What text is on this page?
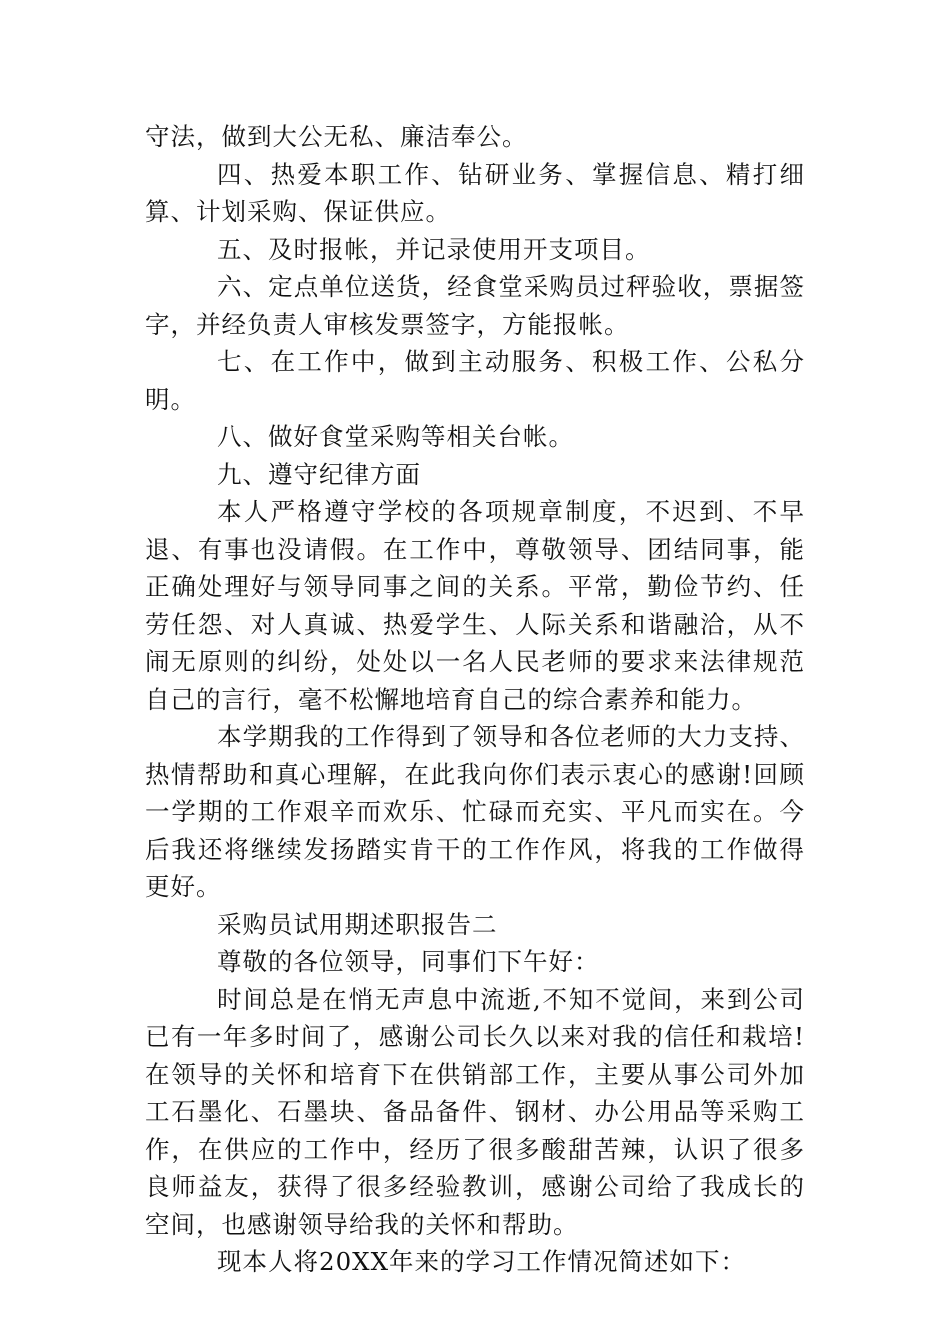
守法，做到大公无私、廉洁奉公。

四、热爱本职工作、钻研业务、掌握信息、精打细算、计划采购、保证供应。

五、及时报帐，并记录使用开支项目。

六、定点单位送货，经食堂采购员过秤验收，票据签字，并经负责人审核发票签字，方能报帐。

七、在工作中，做到主动服务、积极工作、公私分明。

八、做好食堂采购等相关台帐。

九、遵守纪律方面

本人严格遵守学校的各项规章制度，不迟到、不早退、有事也没请假。在工作中，尊敬领导、团结同事，能正确处理好与领导同事之间的关系。平常，勤俭节约、任劳任怨、对人真诚、热爱学生、人际关系和谐融洽，从不闹无原则的纠纷，处处以一名人民老师的要求来法律规范自己的言行，毫不松懈地培育自己的综合素养和能力。

本学期我的工作得到了领导和各位老师的大力支持、热情帮助和真心理解，在此我向你们表示衷心的感谢!回顾一学期的工作艰辛而欢乐、忙碌而充实、平凡而实在。今后我还将继续发扬踏实肯干的工作作风，将我的工作做得更好。

采购员试用期述职报告二

尊敬的各位领导，同事们下午好：

时间总是在悄无声息中流逝,不知不觉间，来到公司已有一年多时间了，感谢公司长久以来对我的信任和栽培!在领导的关怀和培育下在供销部工作，主要从事公司外加工石墨化、石墨块、备品备件、钢材、办公用品等采购工作，在供应的工作中，经历了很多酸甜苦辣，认识了很多良师益友，获得了很多经验教训，感谢公司给了我成长的空间，也感谢领导给我的关怀和帮助。

现本人将20XX年来的学习工作情况简述如下：
